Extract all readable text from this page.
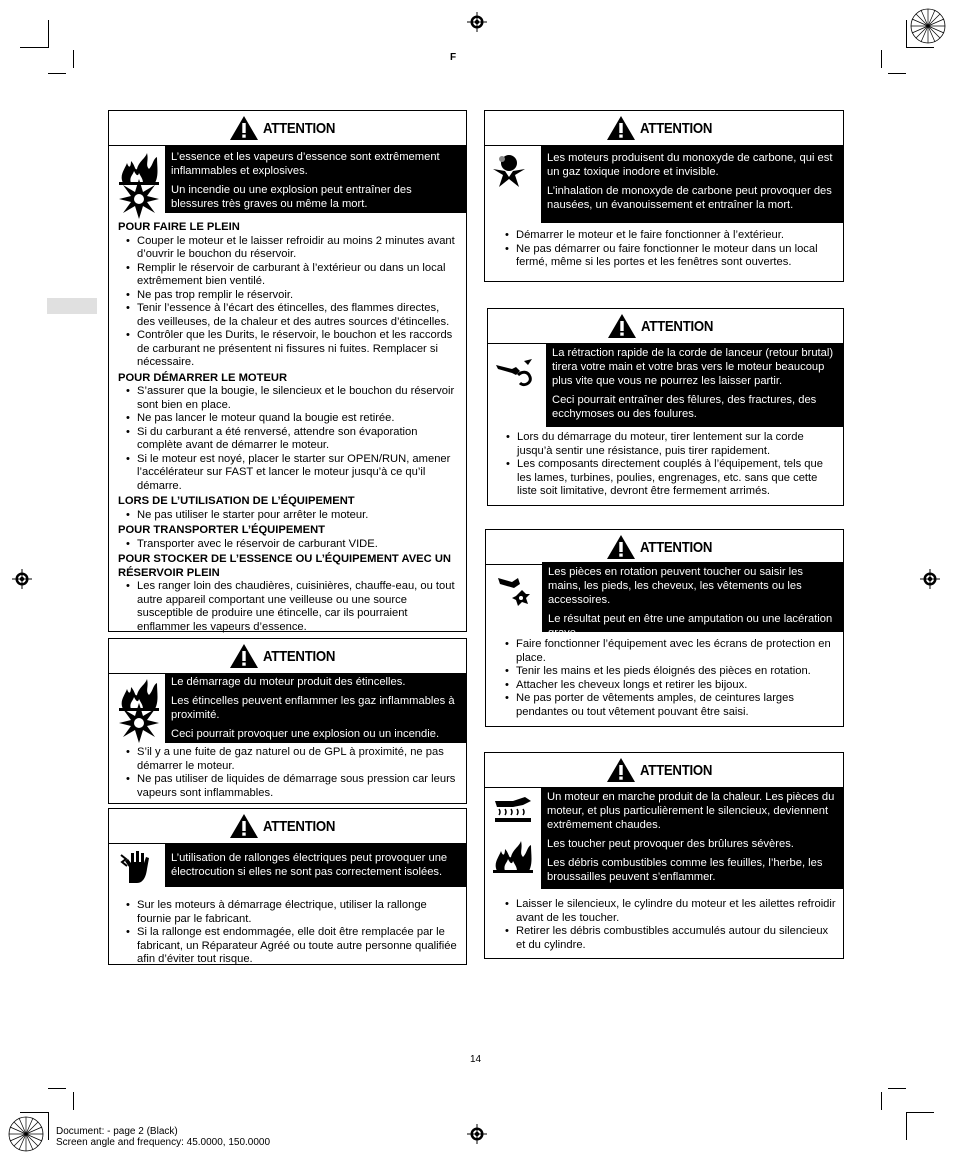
F
ATTENTION

L’essence et les vapeurs d’essence sont extrêmement inflammables et explosives.

Un incendie ou une explosion peut entraîner des blessures très graves ou même la mort.

POUR FAIRE LE PLEIN
• Couper le moteur et le laisser refroidir au moins 2 minutes avant d’ouvrir le bouchon du réservoir.
• Remplir le réservoir de carburant à l’extérieur ou dans un local extrêmement bien ventilé.
• Ne pas trop remplir le réservoir.
• Tenir l’essence à l’écart des étincelles, des flammes directes, des veilleuses, de la chaleur et des autres sources d’étincelles.
• Contrôler que les Durits, le réservoir, le bouchon et les raccords de carburant ne présentent ni fissures ni fuites. Remplacer si nécessaire.
POUR DÉMARRER LE MOTEUR
• S’assurer que la bougie, le silencieux et le bouchon du réservoir sont bien en place.
• Ne pas lancer le moteur quand la bougie est retirée.
• Si du carburant a été renversé, attendre son évaporation complète avant de démarrer le moteur.
• Si le moteur est noyé, placer le starter sur OPEN/RUN, amener l’accélérateur sur FAST et lancer le moteur jusqu’à ce qu’il démarre.
LORS DE L’UTILISATION DE L’ÉQUIPEMENT
• Ne pas utiliser le starter pour arrêter le moteur.
POUR TRANSPORTER L’ÉQUIPEMENT
• Transporter avec le réservoir de carburant VIDE.
POUR STOCKER DE L’ESSENCE OU L’ÉQUIPEMENT AVEC UN RÉSERVOIR PLEIN
• Les ranger loin des chaudières, cuisinières, chauffe-eau, ou tout autre appareil comportant une veilleuse ou une source susceptible de produire une étincelle, car ils pourraient enflammer les vapeurs d’essence.
ATTENTION

Le démarrage du moteur produit des étincelles.

Les étincelles peuvent enflammer les gaz inflammables à proximité.

Ceci pourrait provoquer une explosion ou un incendie.

• S’il y a une fuite de gaz naturel ou de GPL à proximité, ne pas démarrer le moteur.
• Ne pas utiliser de liquides de démarrage sous pression car leurs vapeurs sont inflammables.
ATTENTION

L’utilisation de rallonges électriques peut provoquer une électrocution si elles ne sont pas correctement isolées.

• Sur les moteurs à démarrage électrique, utiliser la rallonge fournie par le fabricant.
• Si la rallonge est endommagée, elle doit être remplacée par le fabricant, un Réparateur Agréé ou toute autre personne qualifiée afin d’éviter tout risque.
ATTENTION

Les moteurs produisent du monoxyde de carbone, qui est un gaz toxique inodore et invisible.

L’inhalation de monoxyde de carbone peut provoquer des nausées, un évanouissement et entraîner la mort.

• Démarrer le moteur et le faire fonctionner à l’extérieur.
• Ne pas démarrer ou faire fonctionner le moteur dans un local fermé, même si les portes et les fenêtres sont ouvertes.
ATTENTION

La rétraction rapide de la corde de lanceur (retour brutal) tirera votre main et votre bras vers le moteur beaucoup plus vite que vous ne pourrez les laisser partir.

Ceci pourrait entraîner des fêlures, des fractures, des ecchymoses ou des foulures.

• Lors du démarrage du moteur, tirer lentement sur la corde jusqu’à sentir une résistance, puis tirer rapidement.
• Les composants directement couplés à l’équipement, tels que les lames, turbines, poulies, engrenages, etc. sans que cette liste soit limitative, devront être fermement arrimés.
ATTENTION

Les pièces en rotation peuvent toucher ou saisir les mains, les pieds, les cheveux, les vêtements ou les accessoires.

Le résultat peut en être une amputation ou une lacération grave.

• Faire fonctionner l’équipement avec les écrans de protection en place.
• Tenir les mains et les pieds éloignés des pièces en rotation.
• Attacher les cheveux longs et retirer les bijoux.
• Ne pas porter de vêtements amples, de ceintures larges pendantes ou tout vêtement pouvant être saisi.
ATTENTION

Un moteur en marche produit de la chaleur. Les pièces du moteur, et plus particulièrement le silencieux, deviennent extrêmement chaudes.

Les toucher peut provoquer des brûlures sévères.

Les débris combustibles comme les feuilles, l’herbe, les broussailles peuvent s’enflammer.

• Laisser le silencieux, le cylindre du moteur et les ailettes refroidir avant de les toucher.
• Retirer les débris combustibles accumulés autour du silencieux et du cylindre.
14
Document: - page 2 (Black)
Screen angle and frequency: 45.0000, 150.0000
